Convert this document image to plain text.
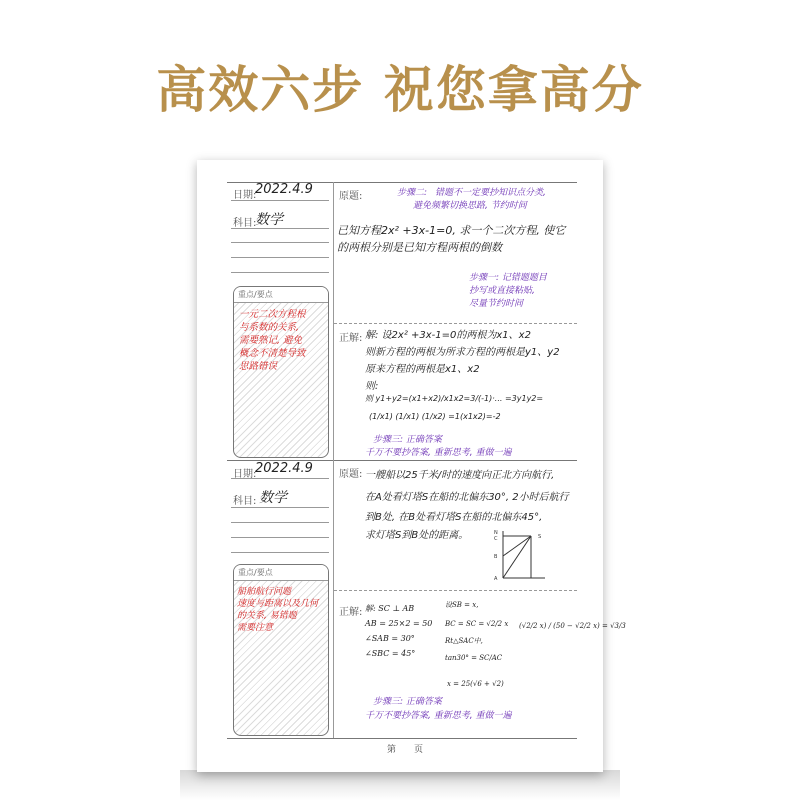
高效六步 祝您拿高分
日期:
2022.4.9
科目:
数学
重点/要点
一元二次方程根
与系数的关系,
需要熟记, 避免
概念不清楚导致
思路错误
原题:	步骤二: 错题不一定要抄知识点分类,
避免频繁切换思路, 节约时间
已知方程2x² +3x-1=0, 求一个二次方程, 使它
的两根分别是已知方程两根的倒数
步骤一: 记错题题目
抄写或直接粘贴,
尽量节约时间
正解: 解: 设2x² +3x-1=0的两根为x1、x2
则新方程的两根为所求方程的两根是y1、y2
原来方程的两根是x1、x2
则:
则 y1+y2=(x1+x2)/x1x2=3/(-1)·... =3y1y2=
(1/x1) (1/x1) (1/x2) =1(x1x2)=-2
步骤三: 正确答案
千万不要抄答案, 重新思考, 重做一遍
日期:
2022.4.9
科目: 数学
重点/要点
船舶航行问题
速度与距离以及几何
的关系, 易错题
需要注意
原题: 一艘船以25千米/时的速度向正北方向航行,
在A处看灯塔S在船的北偏东30°, 2小时后航行
到B处, 在B处看灯塔S在船的北偏东45°,
求灯塔S到B处的距离。	N
C
B
S
A
正解: 解: SC ⊥ AB
AB = 25×2 = 50
∠SAB = 30°
∠SBC = 45°
设SB = x,
BC = SC = √2/2 x
Rt△SAC中,
tan30° = SC/AC
x = 25(√6 + √2)
(√2/2 x) / (50 − √2/2 x) = √3/3
步骤三: 正确答案
千万不要抄答案, 重新思考, 重做一遍
第　　页
